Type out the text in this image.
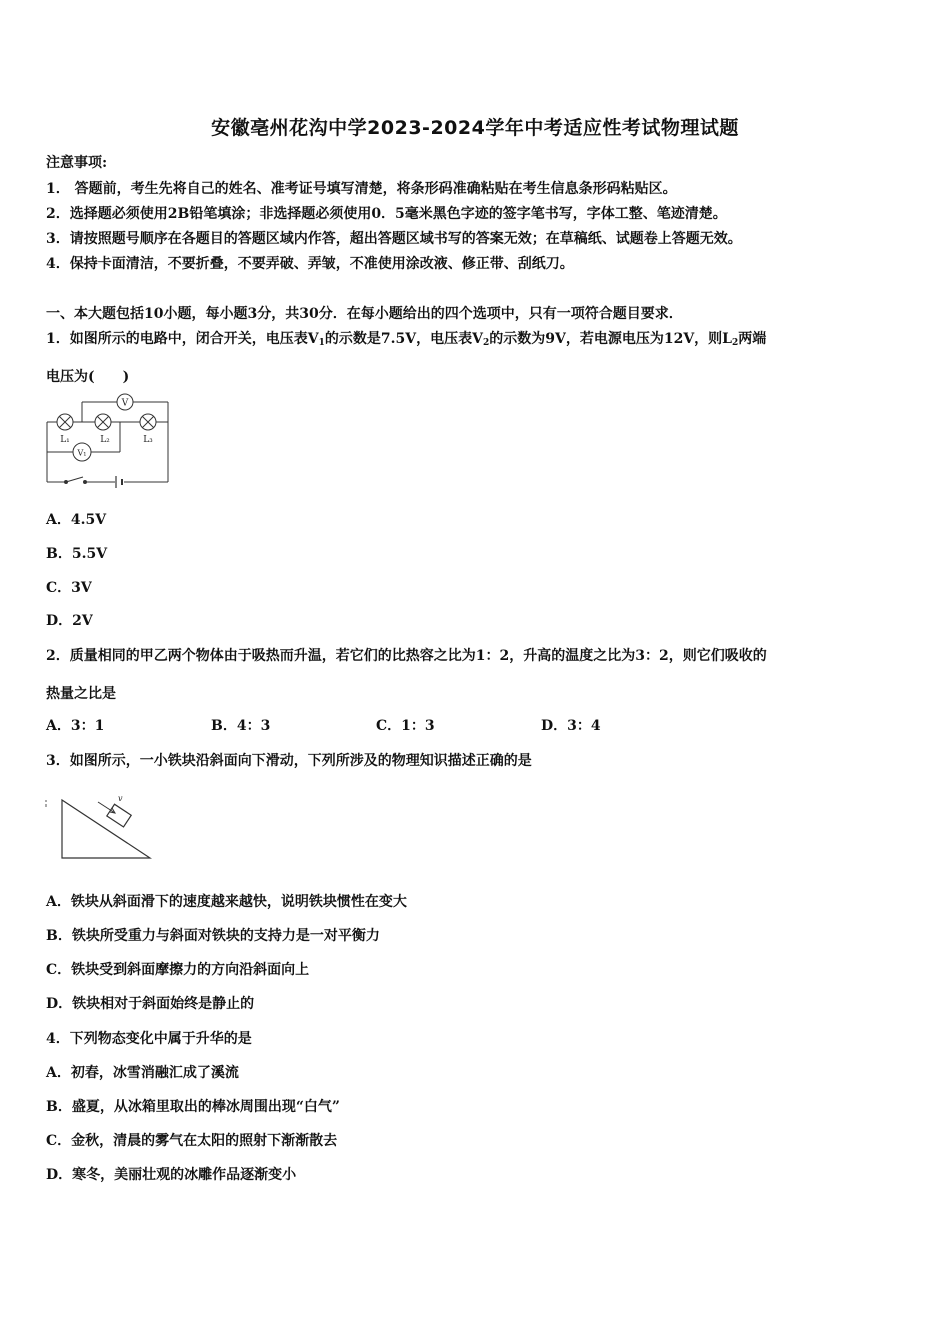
安徽亳州花沟中学2023-2024学年中考适应性考试物理试题
注意事项:
1． 答题前，考生先将自己的姓名、准考证号填写清楚，将条形码准确粘贴在考生信息条形码粘贴区。
2．选择题必须使用2B铅笔填涂；非选择题必须使用0．5毫米黑色字迹的签字笔书写，字体工整、笔迹清楚。
3．请按照题号顺序在各题目的答题区域内作答，超出答题区域书写的答案无效；在草稿纸、试题卷上答题无效。
4．保持卡面清洁，不要折叠，不要弄破、弄皱，不准使用涂改液、修正带、刮纸刀。
一、本大题包括10小题，每小题3分，共30分．在每小题给出的四个选项中，只有一项符合题目要求．
1．如图所示的电路中，闭合开关，电压表$V_1$的示数是7.5V，电压表$V_2$的示数为9V，若电源电压为12V，则$L_2$两端
电压为(　　)
V
V₁
L₁	L₂	L₃
A．4.5V
B．5.5V
C．3V
D．2V
2．质量相同的甲乙两个物体由于吸热而升温，若它们的比热容之比为1：2，升高的温度之比为3：2，则它们吸收的
热量之比是
A．3：1	B．4：3	C．1：3	D．3：4
3．如图所示，一小铁块沿斜面向下滑动，下列所涉及的物理知识描述正确的是
v
A．铁块从斜面滑下的速度越来越快，说明铁块惯性在变大
B．铁块所受重力与斜面对铁块的支持力是一对平衡力
C．铁块受到斜面摩擦力的方向沿斜面向上
D．铁块相对于斜面始终是静止的
4．下列物态变化中属于升华的是
A．初春，冰雪消融汇成了溪流
B．盛夏，从冰箱里取出的棒冰周围出现“白气”
C．金秋，清晨的雾气在太阳的照射下渐渐散去
D．寒冬，美丽壮观的冰雕作品逐渐变小
